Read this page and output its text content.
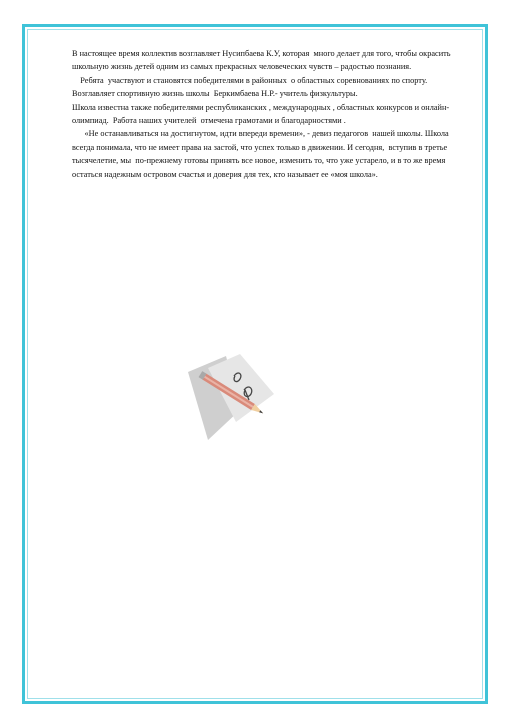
В настоящее время коллектив возглавляет Нусипбаева К.У, которая  много делает для того, чтобы окрасить школьную жизнь детей одним из самых прекрасных человеческих чувств – радостью познания.

Ребята  участвуют и становятся победителями в районных  о областных соревнованиях по спорту. Возглавляет спортивную жизнь школы  Беркимбаева Н.Р.- учитель физкультуры.

Школа известна также победителями республиканских , международных , областных конкурсов и онлайн- олимпиад.  Работа наших учителей  отмечена грамотами и благодарностями .

«Не останавливаться на достигнутом, идти впереди времени», - девиз педагогов  нашей школы. Школа всегда понимала, что не имеет права на застой, что успех только в движении. И сегодня,  вступив в третье тысячелетие, мы  по-прежнему готовы принять все новое, изменить то, что уже устарело, и в то же время остаться надежным островом счастья и доверия для тех, кто называет ее «моя школа».
